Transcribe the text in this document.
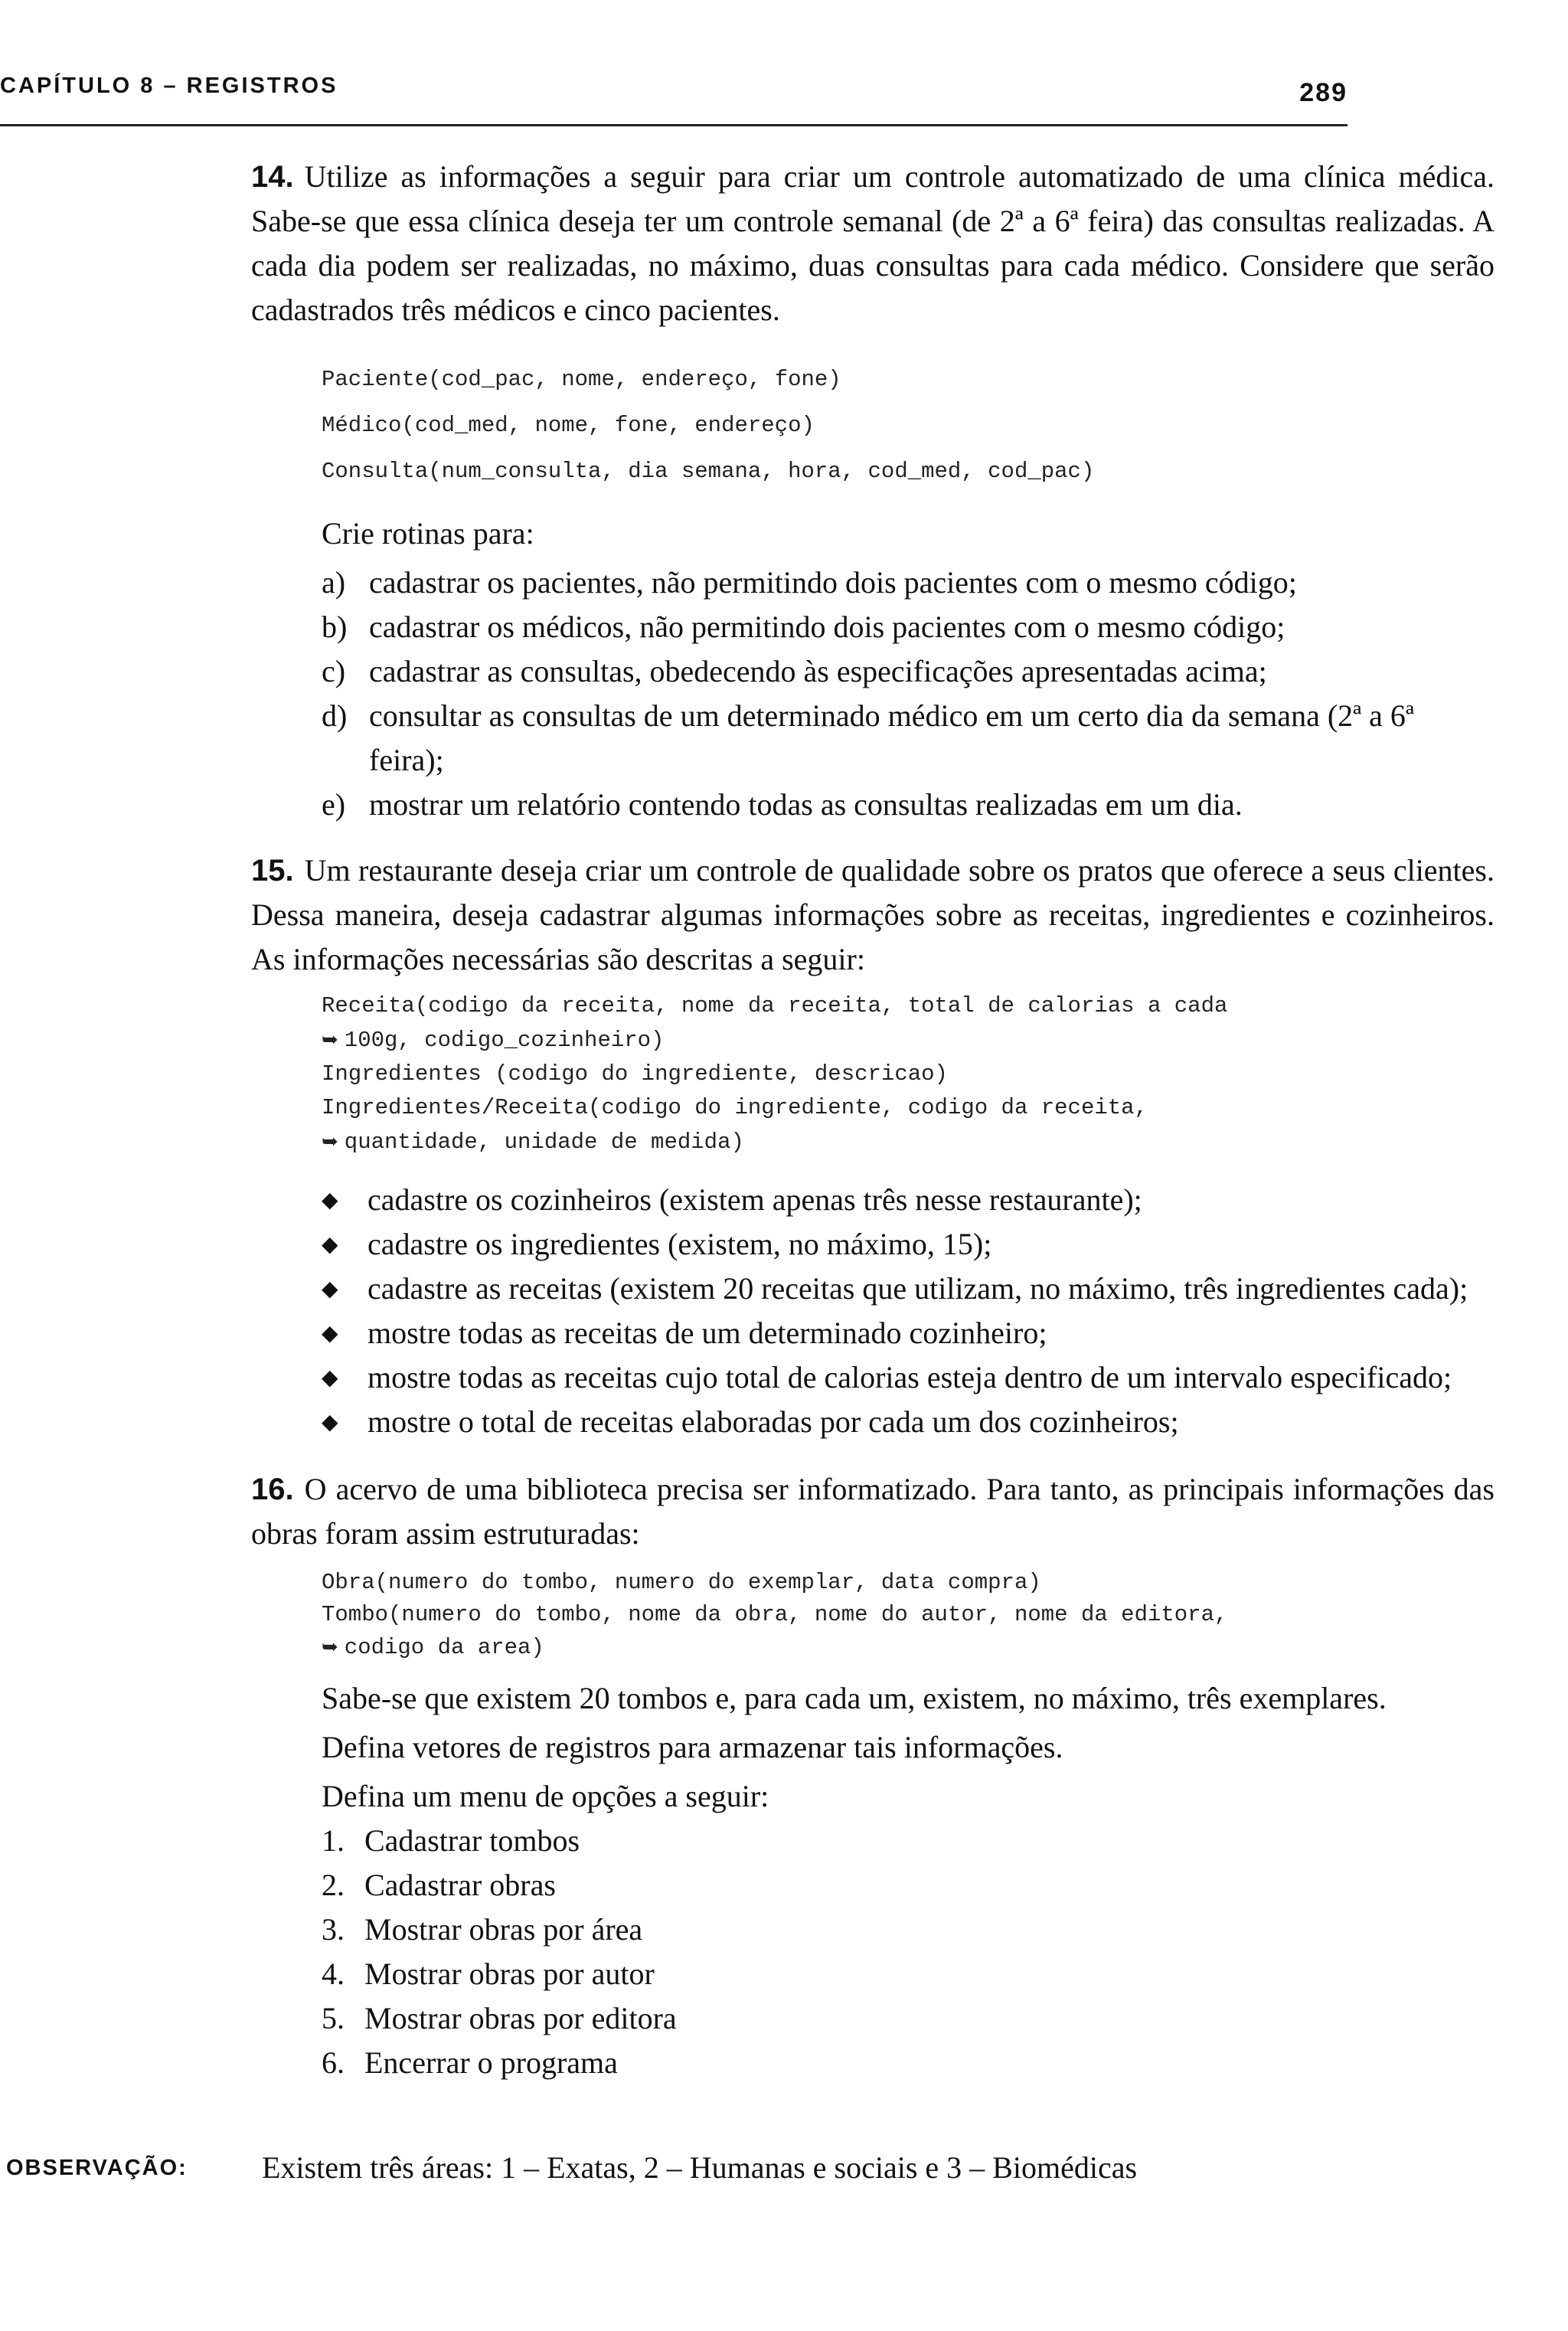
CAPÍTULO 8 – REGISTROS	289

14. Utilize as informações a seguir para criar um controle automatizado de uma clínica médica. Sabe-se que essa clínica deseja ter um controle semanal (de 2ª a 6ª feira) das consultas realizadas. A cada dia podem ser realizadas, no máximo, duas consultas para cada médico. Considere que serão cadastrados três médicos e cinco pacientes.

Paciente(cod_pac, nome, endereço, fone)
Médico(cod_med, nome, fone, endereço)
Consulta(num_consulta, dia semana, hora, cod_med, cod_pac)

Crie rotinas para:

a) cadastrar os pacientes, não permitindo dois pacientes com o mesmo código;
b) cadastrar os médicos, não permitindo dois pacientes com o mesmo código;
c) cadastrar as consultas, obedecendo às especificações apresentadas acima;
d) consultar as consultas de um determinado médico em um certo dia da semana (2ª a 6ª feira);
e) mostrar um relatório contendo todas as consultas realizadas em um dia.

15. Um restaurante deseja criar um controle de qualidade sobre os pratos que oferece a seus clientes. Dessa maneira, deseja cadastrar algumas informações sobre as receitas, ingredientes e cozinheiros. As informações necessárias são descritas a seguir:

Receita(codigo da receita, nome da receita, total de calorias a cada
➥ 100g, codigo_cozinheiro)
Ingredientes (codigo do ingrediente, descricao)
Ingredientes/Receita(codigo do ingrediente, codigo da receita,
➥ quantidade, unidade de medida)
◆ cadastre os cozinheiros (existem apenas três nesse restaurante);
◆ cadastre os ingredientes (existem, no máximo, 15);
◆ cadastre as receitas (existem 20 receitas que utilizam, no máximo, três ingredientes cada);
◆ mostre todas as receitas de um determinado cozinheiro;
◆ mostre todas as receitas cujo total de calorias esteja dentro de um intervalo especificado;
◆ mostre o total de receitas elaboradas por cada um dos cozinheiros;

16. O acervo de uma biblioteca precisa ser informatizado. Para tanto, as principais informações das obras foram assim estruturadas:

Obra(numero do tombo, numero do exemplar, data compra)
Tombo(numero do tombo, nome da obra, nome do autor, nome da editora,
➥ codigo da area)

Sabe-se que existem 20 tombos e, para cada um, existem, no máximo, três exemplares.

Defina vetores de registros para armazenar tais informações.

Defina um menu de opções a seguir:

1. Cadastrar tombos
2. Cadastrar obras
3. Mostrar obras por área
4. Mostrar obras por autor
5. Mostrar obras por editora
6. Encerrar o programa
OBSERVAÇÃO: Existem três áreas: 1 – Exatas, 2 – Humanas e sociais e 3 – Biomédicas
